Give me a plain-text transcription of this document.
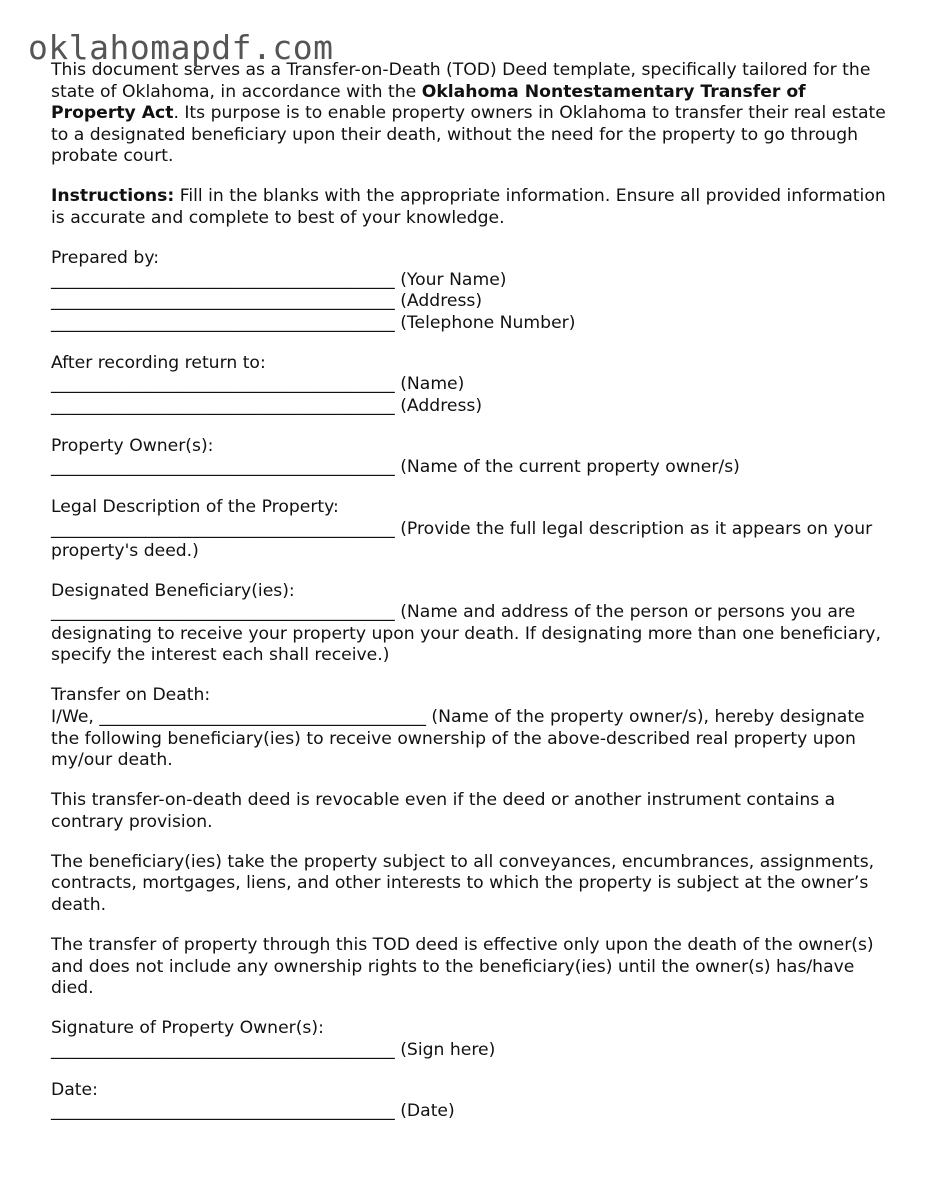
oklahomapdf.com

This document serves as a Transfer-on-Death (TOD) Deed template, specifically tailored for the state of Oklahoma, in accordance with the Oklahoma Nontestamentary Transfer of Property Act. Its purpose is to enable property owners in Oklahoma to transfer their real estate to a designated beneficiary upon their death, without the need for the property to go through probate court.

Instructions: Fill in the blanks with the appropriate information. Ensure all provided information is accurate and complete to best of your knowledge.

Prepared by:
________________________________________ (Your Name)
________________________________________ (Address)
________________________________________ (Telephone Number)

After recording return to:
________________________________________ (Name)
________________________________________ (Address)

Property Owner(s):
________________________________________ (Name of the current property owner/s)

Legal Description of the Property:
________________________________________ (Provide the full legal description as it appears on your property's deed.)

Designated Beneficiary(ies):
________________________________________ (Name and address of the person or persons you are designating to receive your property upon your death. If designating more than one beneficiary, specify the interest each shall receive.)

Transfer on Death:
I/We, ______________________________________ (Name of the property owner/s), hereby designate the following beneficiary(ies) to receive ownership of the above-described real property upon my/our death.

This transfer-on-death deed is revocable even if the deed or another instrument contains a contrary provision.

The beneficiary(ies) take the property subject to all conveyances, encumbrances, assignments, contracts, mortgages, liens, and other interests to which the property is subject at the owner’s death.

The transfer of property through this TOD deed is effective only upon the death of the owner(s) and does not include any ownership rights to the beneficiary(ies) until the owner(s) has/have died.

Signature of Property Owner(s):
________________________________________ (Sign here)

Date:
________________________________________ (Date)
